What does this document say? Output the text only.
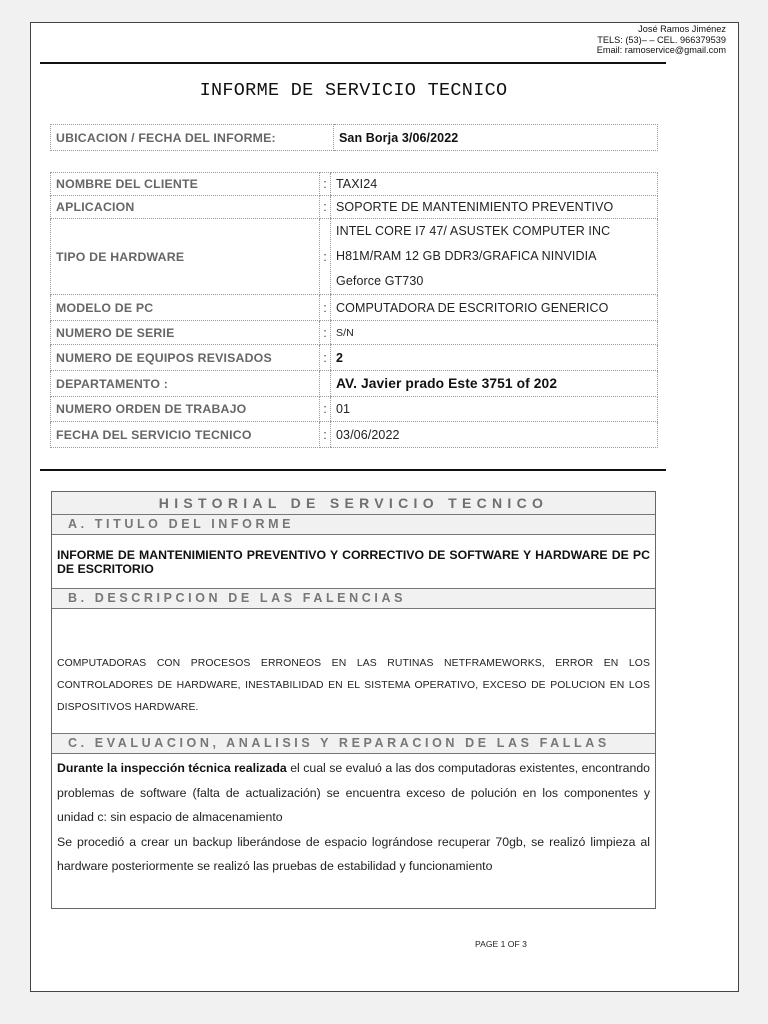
José Ramos Jiménez
TELS: (53)– – CEL. 966379539
Email: ramoservice@gmail.com
INFORME DE SERVICIO TECNICO
UBICACION / FECHA DEL INFORME:	San Borja 3/06/2022
NOMBRE DEL CLIENTE	:	TAXI24
APLICACION	:	SOPORTE DE MANTENIMIENTO PREVENTIVO
TIPO DE HARDWARE	:	INTEL CORE I7 47/ ASUSTEK COMPUTER INC
H81M/RAM 12 GB DDR3/GRAFICA NINVIDIA
Geforce GT730

MODELO DE PC	:	COMPUTADORA DE ESCRITORIO GENERICO
NUMERO DE SERIE	:	S/N
NUMERO DE EQUIPOS REVISADOS	:	2
DEPARTAMENTO :		AV. Javier prado Este 3751 of 202
NUMERO ORDEN DE TRABAJO	:	01
FECHA DEL SERVICIO TECNICO	:	03/06/2022
HISTORIAL DE SERVICIO TECNICO
A. TITULO DEL INFORME
INFORME DE MANTENIMIENTO PREVENTIVO Y CORRECTIVO DE SOFTWARE Y HARDWARE DE PC DE ESCRITORIO
B. DESCRIPCION DE LAS FALENCIAS
COMPUTADORAS CON PROCESOS ERRONEOS EN LAS RUTINAS NETFRAMEWORKS, ERROR EN LOS CONTROLADORES DE HARDWARE, INESTABILIDAD EN EL SISTEMA OPERATIVO, EXCESO DE POLUCION EN LOS DISPOSITIVOS HARDWARE.
C. EVALUACION, ANALISIS Y REPARACION DE LAS FALLAS
Durante la inspección técnica realizada el cual se evaluó a las dos computadoras existentes, encontrando problemas de software (falta de actualización) se encuentra exceso de polución en los componentes y unidad c: sin espacio de almacenamiento
Se procedió a crear un backup liberándose de espacio lográndose recuperar 70gb, se realizó limpieza al hardware posteriormente se realizó las pruebas de estabilidad y funcionamiento
PAGE 1 OF 3
